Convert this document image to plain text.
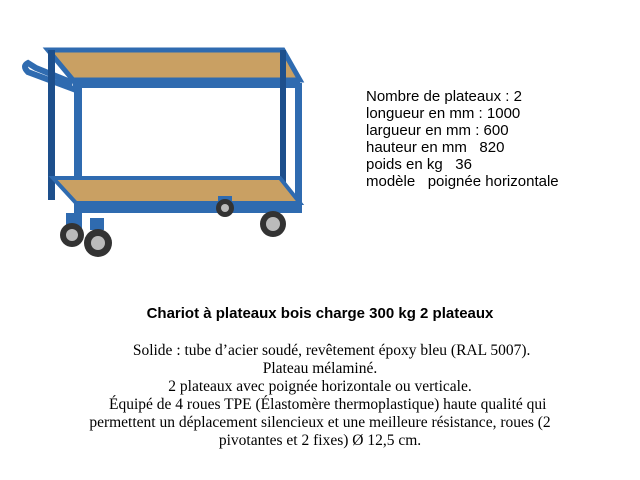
Nombre de plateaux : 2
longueur en mm : 1000
largueur en mm : 600
hauteur en mm   820
poids en kg   36
modèle   poignée horizontale
Chariot à plateaux bois charge 300 kg 2 plateaux
Solide : tube d’acier soudé, revêtement époxy bleu (RAL 5007).
Plateau mélaminé.
2 plateaux avec poignée horizontale ou verticale.
Équipé de 4 roues TPE (Élastomère thermoplastique) haute qualité qui
permettent un déplacement silencieux et une meilleure résistance, roues (2
pivotantes et 2 fixes) Ø 12,5 cm.
